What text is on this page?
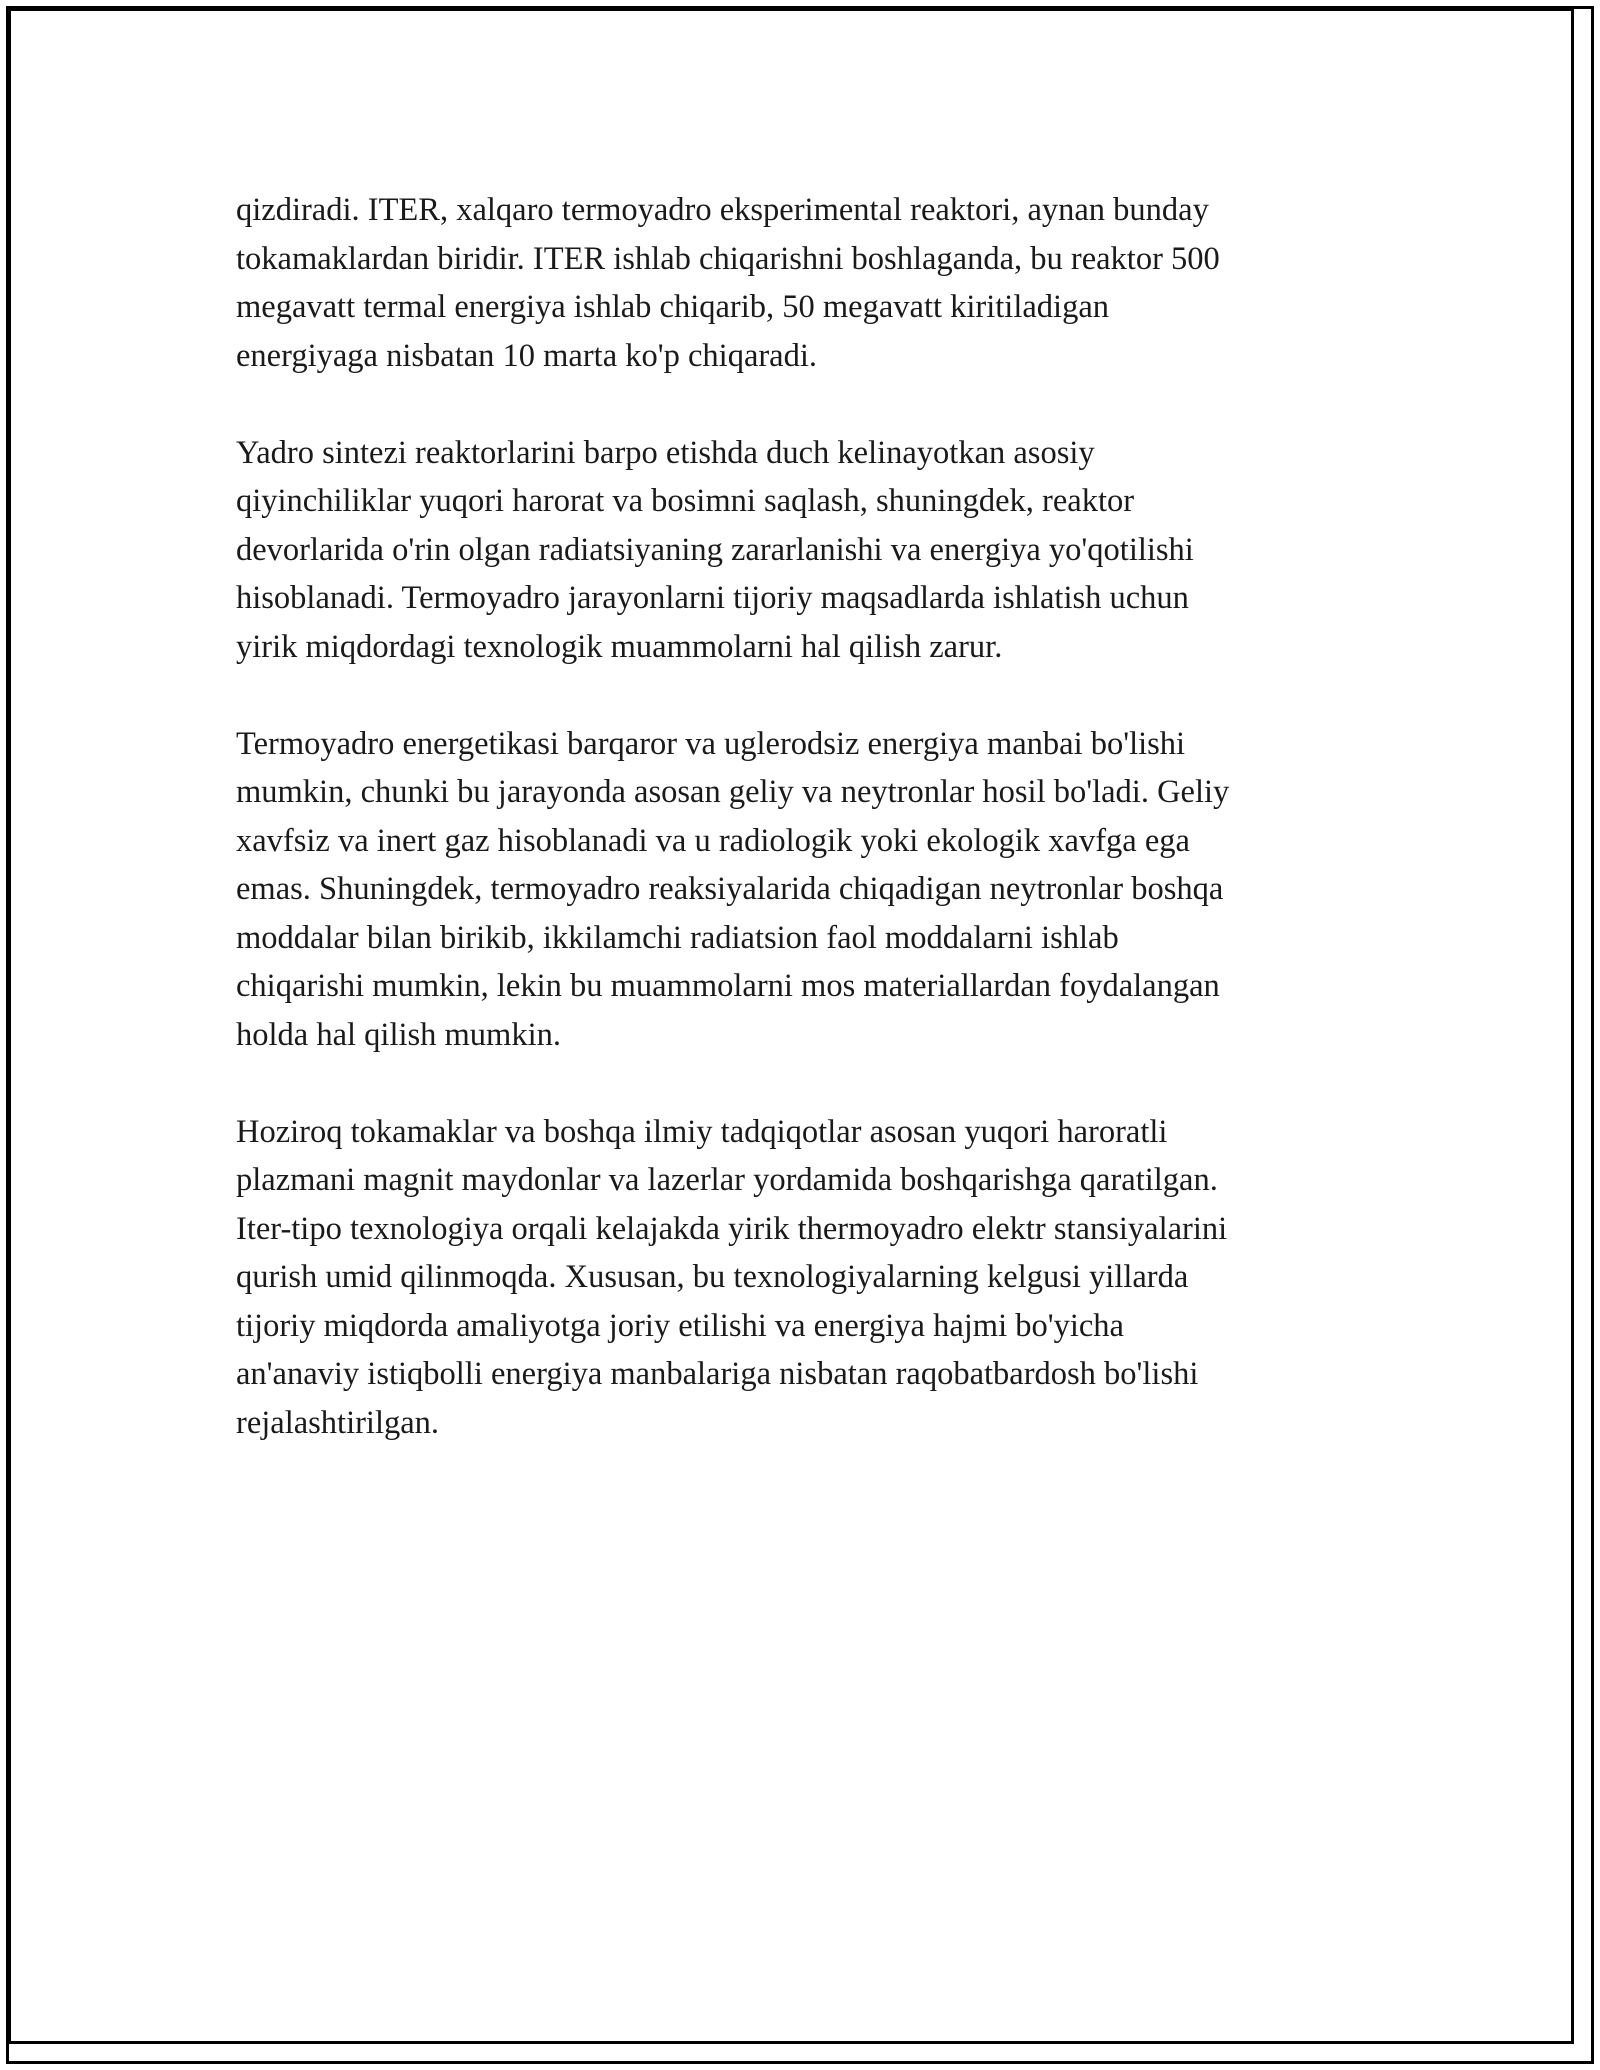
qizdiradi. ITER, xalqaro termoyadro eksperimental reaktori, aynan bunday
tokamaklardan biridir. ITER ishlab chiqarishni boshlaganda, bu reaktor 500
megavatt termal energiya ishlab chiqarib, 50 megavatt kiritiladigan
energiyaga nisbatan 10 marta ko'p chiqaradi.

Yadro sintezi reaktorlarini barpo etishda duch kelinayotkan asosiy
qiyinchiliklar yuqori harorat va bosimni saqlash, shuningdek, reaktor
devorlarida o'rin olgan radiatsiyaning zararlanishi va energiya yo'qotilishi
hisoblanadi. Termoyadro jarayonlarni tijoriy maqsadlarda ishlatish uchun
yirik miqdordagi texnologik muammolarni hal qilish zarur.

Termoyadro energetikasi barqaror va uglerodsiz energiya manbai bo'lishi
mumkin, chunki bu jarayonda asosan geliy va neytronlar hosil bo'ladi. Geliy
xavfsiz va inert gaz hisoblanadi va u radiologik yoki ekologik xavfga ega
emas. Shuningdek, termoyadro reaksiyalarida chiqadigan neytronlar boshqa
moddalar bilan birikib, ikkilamchi radiatsion faol moddalarni ishlab
chiqarishi mumkin, lekin bu muammolarni mos materiallardan foydalangan
holda hal qilish mumkin.

Hoziroq tokamaklar va boshqa ilmiy tadqiqotlar asosan yuqori haroratli
plazmani magnit maydonlar va lazerlar yordamida boshqarishga qaratilgan.
Iter-tipo texnologiya orqali kelajakda yirik thermoyadro elektr stansiyalarini
qurish umid qilinmoqda. Xususan, bu texnologiyalarning kelgusi yillarda
tijoriy miqdorda amaliyotga joriy etilishi va energiya hajmi bo'yicha
an'anaviy istiqbolli energiya manbalariga nisbatan raqobatbardosh bo'lishi
rejalashtirilgan.
